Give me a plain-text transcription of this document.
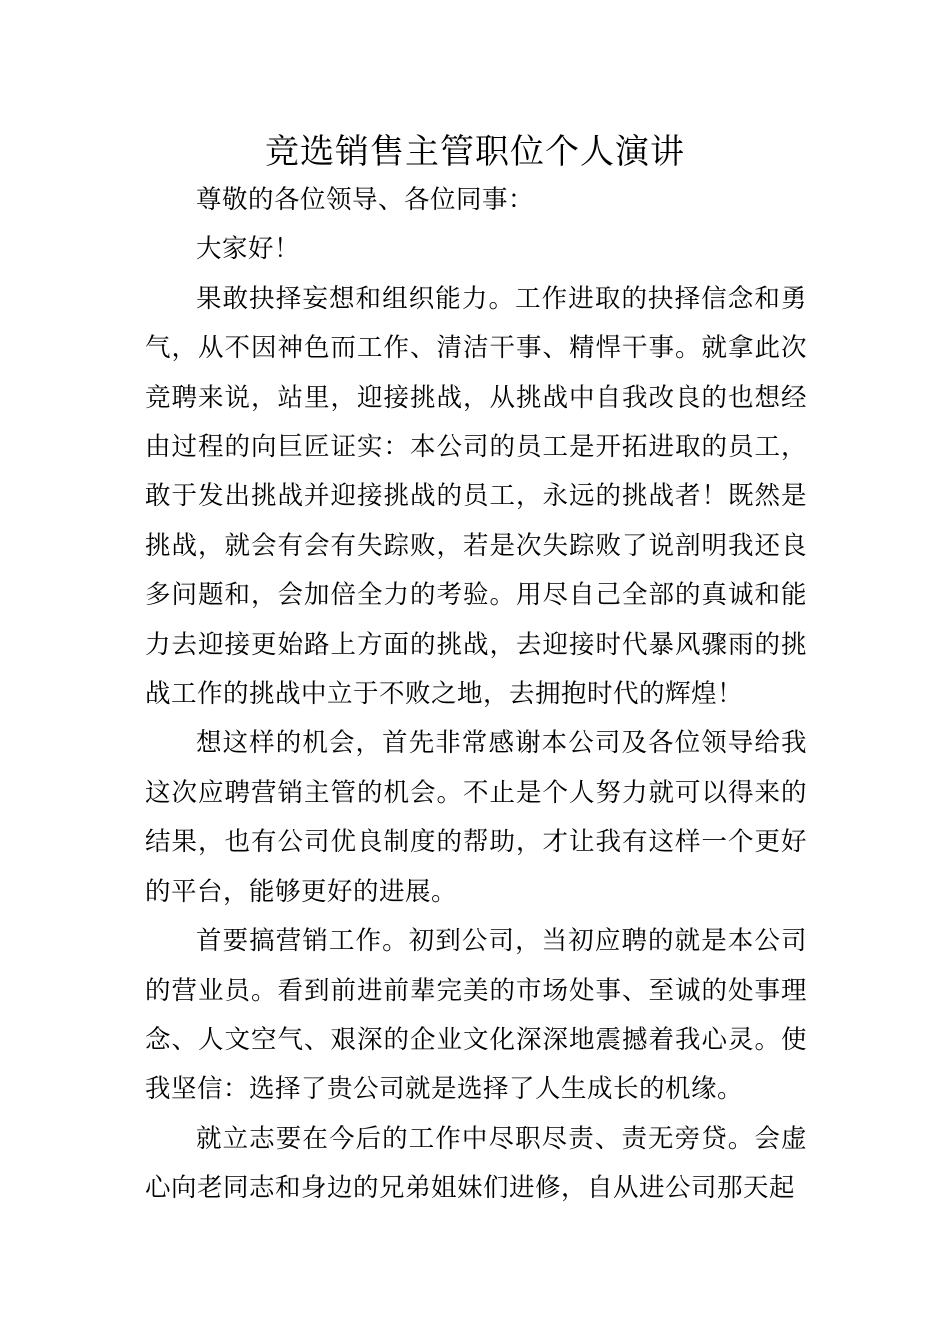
竞选销售主管职位个人演讲

尊敬的各位领导、各位同事：

大家好！

果敢抉择妄想和组织能力。工作进取的抉择信念和勇气，从不因神色而工作、清洁干事、精悍干事。就拿此次竞聘来说，站里，迎接挑战，从挑战中自我改良的也想经由过程的向巨匠证实：本公司的员工是开拓进取的员工，敢于发出挑战并迎接挑战的员工，永远的挑战者！既然是挑战，就会有会有失踪败，若是次失踪败了说剖明我还良多问题和，会加倍全力的考验。用尽自己全部的真诚和能力去迎接更始路上方面的挑战，去迎接时代暴风骤雨的挑战工作的挑战中立于不败之地，去拥抱时代的辉煌！

想这样的机会，首先非常感谢本公司及各位领导给我这次应聘营销主管的机会。不止是个人努力就可以得来的结果，也有公司优良制度的帮助，才让我有这样一个更好的平台，能够更好的进展。

首要搞营销工作。初到公司，当初应聘的就是本公司的营业员。看到前进前辈完美的市场处事、至诚的处事理念、人文空气、艰深的企业文化深深地震撼着我心灵。使我坚信：选择了贵公司就是选择了人生成长的机缘。

就立志要在今后的工作中尽职尽责、责无旁贷。会虚心向老同志和身边的兄弟姐妹们进修，自从进公司那天起
